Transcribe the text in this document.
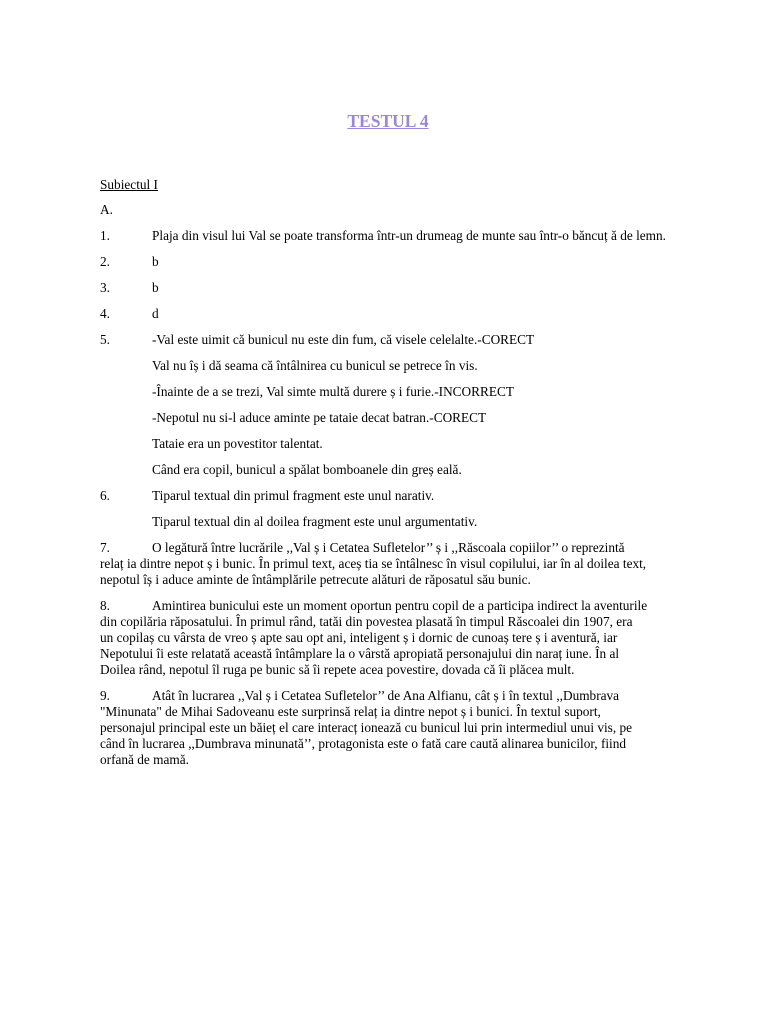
TESTUL 4
Subiectul I
A.
1.	Plaja din visul lui Val se poate transforma într-un drumeag de munte sau într-o băncuț ă de lemn.
2.	b
3.	b
4.	d
5.	-Val este uimit că bunicul nu este din fum, că visele celelalte.-CORECT
Val nu îș i dă seama că întâlnirea cu bunicul se petrece în vis.
-Înainte de a se trezi, Val simte multă durere ș i furie.-INCORRECT
-Nepotul nu si-l aduce aminte pe tataie decat batran.-CORECT
Tataie era un povestitor talentat.
Când era copil, bunicul a spălat bomboanele din greș eală.
6.	Tiparul textual din primul fragment este unul narativ.
Tiparul textual din al doilea fragment este unul argumentativ.
7.	O legătură între lucrările ,,Val ș i Cetatea Sufletelor’’ ș i ,,Răscoala copiilor’’ o reprezintă
relaț ia dintre nepot ș i bunic. În primul text, aceș tia se întâlnesc în visul copilului, iar în al doilea text,
nepotul îș i aduce aminte de întâmplările petrecute alături de răposatul său bunic.
8.	Amintirea bunicului este un moment oportun pentru copil de a participa indirect la aventurile
din copilăria răposatului. În primul rând, tatăi din povestea plasată în timpul Răscoalei din 1907, era
un copilaș cu vârsta de vreo ș apte sau opt ani, inteligent ș i dornic de cunoaș tere ș i aventură, iar
Nepotului îi este relatată această întâmplare la o vârstă apropiată personajului din naraț iune. În al
Doilea rând, nepotul îl ruga pe bunic să îi repete acea povestire, dovada că îi plăcea mult.
9.	Atât în lucrarea ,,Val ș i Cetatea Sufletelor’’ de Ana Alfianu, cât ș i în textul ,,Dumbrava
"Minunata" de Mihai Sadoveanu este surprinsă relaț ia dintre nepot ș i bunici. În textul suport,
personajul principal este un băieț el care interacț ionează cu bunicul lui prin intermediul unui vis, pe
când în lucrarea ,,Dumbrava minunată’’, protagonista este o fată care caută alinarea bunicilor, fiind
orfană de mamă.
